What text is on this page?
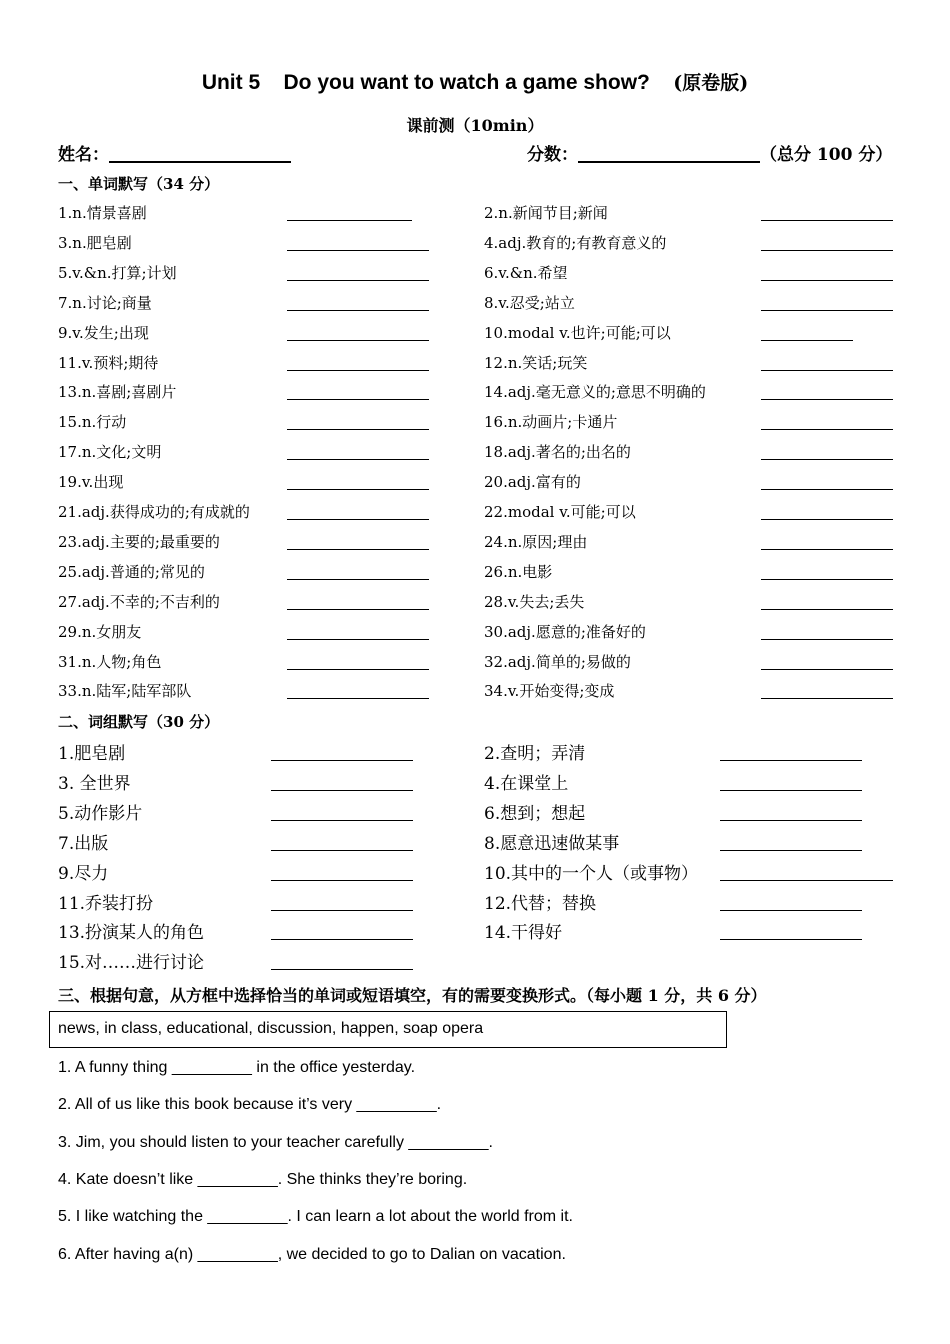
Unit 5    Do you want to watch a game show? (原卷版)
课前测（10min）
姓名：	分数：	（总分 100 分）
一、单词默写（34 分）
1.n.情景喜剧	2.n.新闻节目;新闻
3.n.肥皂剧	4.adj.教育的;有教育意义的
5.v.&n.打算;计划	6.v.&n.希望
7.n.讨论;商量	8.v.忍受;站立
9.v.发生;出现	10.modal v.也许;可能;可以
11.v.预料;期待	12.n.笑话;玩笑
13.n.喜剧;喜剧片	14.adj.毫无意义的;意思不明确的
15.n.行动	16.n.动画片;卡通片
17.n.文化;文明	18.adj.著名的;出名的
19.v.出现	20.adj.富有的
21.adj.获得成功的;有成就的	22.modal v.可能;可以
23.adj.主要的;最重要的	24.n.原因;理由
25.adj.普通的;常见的	26.n.电影
27.adj.不幸的;不吉利的	28.v.失去;丢失
29.n.女朋友	30.adj.愿意的;准备好的
31.n.人物;角色	32.adj.简单的;易做的
33.n.陆军;陆军部队	34.v.开始变得;变成
二、词组默写（30 分）
1.肥皂剧	2.查明；弄清
3. 全世界	4.在课堂上
5.动作影片	6.想到；想起
7.出版	8.愿意迅速做某事
9.尽力	10.其中的一个人（或事物）
11.乔装打扮	12.代替；替换
13.扮演某人的角色	14.干得好
15.对……进行讨论
三、根据句意，从方框中选择恰当的单词或短语填空，有的需要变换形式。（每小题 1 分，共 6 分）
news, in class, educational, discussion, happen, soap opera
1. A funny thing _________ in the office yesterday.
2. All of us like this book because it’s very _________.
3. Jim, you should listen to your teacher carefully _________.
4. Kate doesn’t like _________. She thinks they’re boring.
5. I like watching the _________. I can learn a lot about the world from it.
6. After having a(n) _________, we decided to go to Dalian on vacation.
